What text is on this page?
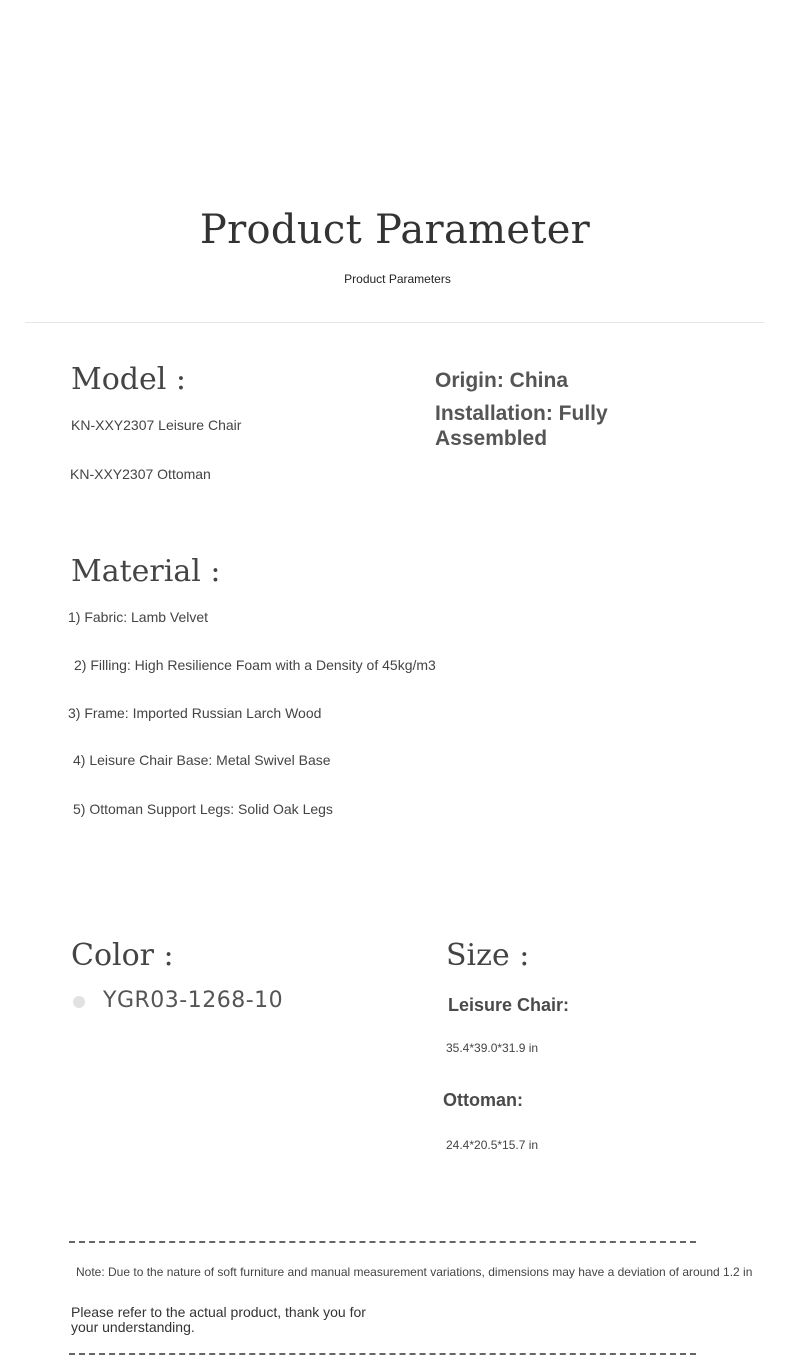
Product Parameter
Product Parameters
Model :
KN-XXY2307 Leisure Chair
KN-XXY2307 Ottoman
Origin: China
Installation: Fully Assembled
Material :
1) Fabric: Lamb Velvet
2) Filling: High Resilience Foam with a Density of 45kg/m3
3) Frame: Imported Russian Larch Wood
4) Leisure Chair Base: Metal Swivel Base
5) Ottoman Support Legs: Solid Oak Legs
Color :
YGR03-1268-10
Size :
Leisure Chair:
35.4*39.0*31.9 in
Ottoman:
24.4*20.5*15.7 in
Note: Due to the nature of soft furniture and manual measurement variations, dimensions may have a deviation of around 1.2 in
Please refer to the actual product, thank you for your understanding.
